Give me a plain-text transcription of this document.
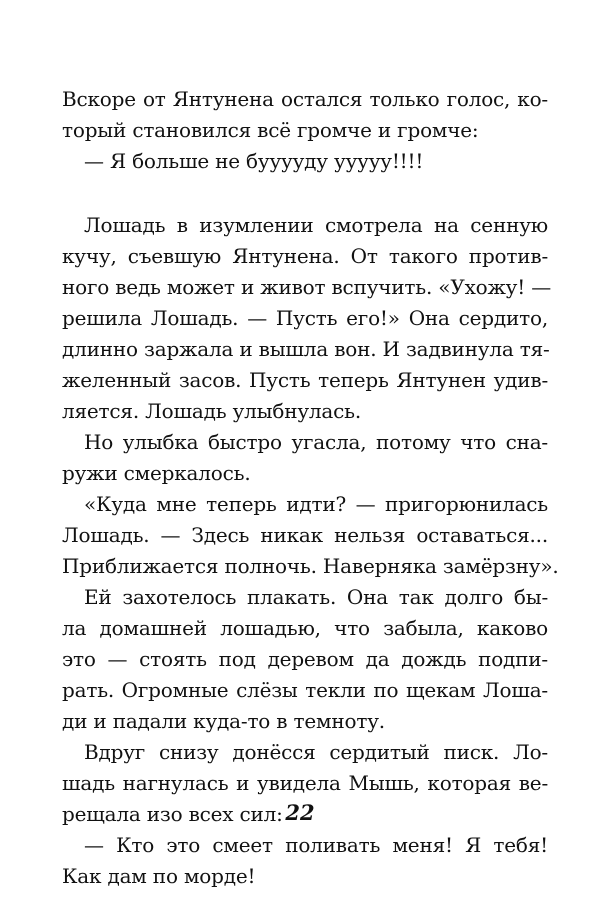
Вскоре от Янтунена остался только голос, ко-
торый становился всё громче и громче:
— Я больше не бууууду ууууу!!!!
Лошадь в изумлении смотрела на сенную
кучу, съевшую Янтунена. От такого против-
ного ведь может и живот вспучить. «Ухожу! —
решила Лошадь. — Пусть его!» Она сердито,
длинно заржала и вышла вон. И задвинула тя-
желенный засов. Пусть теперь Янтунен удив-
ляется. Лошадь улыбнулась.
Но улыбка быстро угасла, потому что сна-
ружи смеркалось.
«Куда мне теперь идти? — пригорюнилась
Лошадь. — Здесь никак нельзя оставаться...
Приближается полночь. Наверняка замёрзну».
Ей захотелось плакать. Она так долго бы-
ла домашней лошадью, что забыла, каково
это — стоять под деревом да дождь подпи-
рать. Огромные слёзы текли по щекам Лоша-
ди и падали куда-то в темноту.
Вдруг снизу донёсся сердитый писк. Ло-
шадь нагнулась и увидела Мышь, которая ве-
рещала изо всех сил:
— Кто это смеет поливать меня! Я тебя!
Как дам по морде!
22
